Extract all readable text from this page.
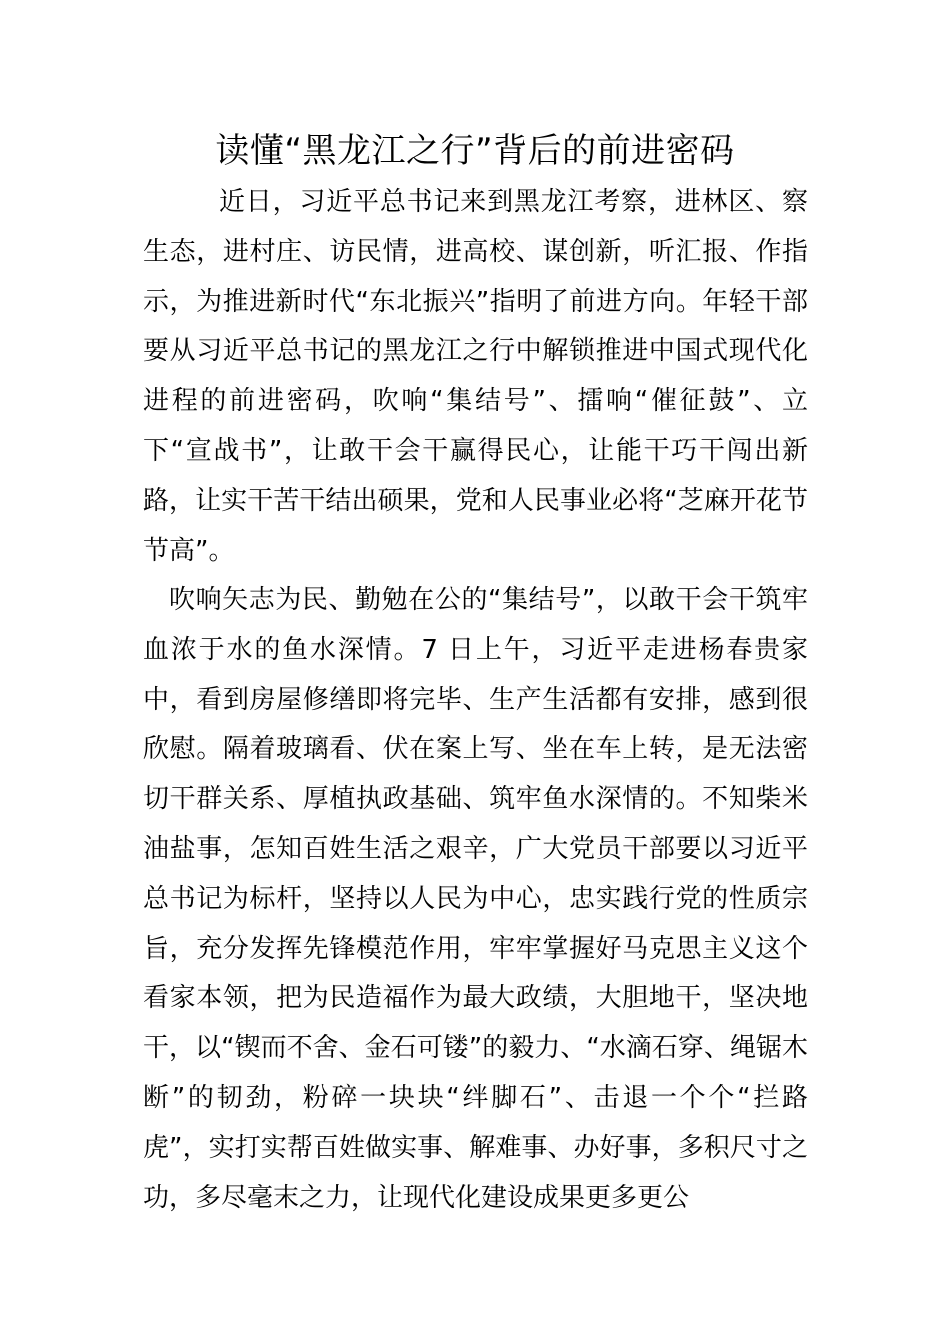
读懂“黑龙江之行”背后的前进密码

近日，习近平总书记来到黑龙江考察，进林区、察生态，进村庄、访民情，进高校、谋创新，听汇报、作指示，为推进新时代“东北振兴”指明了前进方向。年轻干部要从习近平总书记的黑龙江之行中解锁推进中国式现代化进程的前进密码，吹响“集结号”、擂响“催征鼓”、立下“宣战书”，让敢干会干赢得民心，让能干巧干闯出新路，让实干苦干结出硕果，党和人民事业必将“芝麻开花节节高”。

吹响矢志为民、勤勉在公的“集结号”，以敢干会干筑牢血浓于水的鱼水深情。7 日上午，习近平走进杨春贵家中，看到房屋修缮即将完毕、生产生活都有安排，感到很欣慰。隔着玻璃看、伏在案上写、坐在车上转，是无法密切干群关系、厚植执政基础、筑牢鱼水深情的。不知柴米油盐事，怎知百姓生活之艰辛，广大党员干部要以习近平总书记为标杆，坚持以人民为中心，忠实践行党的性质宗旨，充分发挥先锋模范作用，牢牢掌握好马克思主义这个看家本领，把为民造福作为最大政绩，大胆地干，坚决地干，以“锲而不舍、金石可镂”的毅力、“水滴石穿、绳锯木断”的韧劲，粉碎一块块“绊脚石”、击退一个个“拦路虎”，实打实帮百姓做实事、解难事、办好事，多积尺寸之功，多尽毫末之力，让现代化建设成果更多更公
